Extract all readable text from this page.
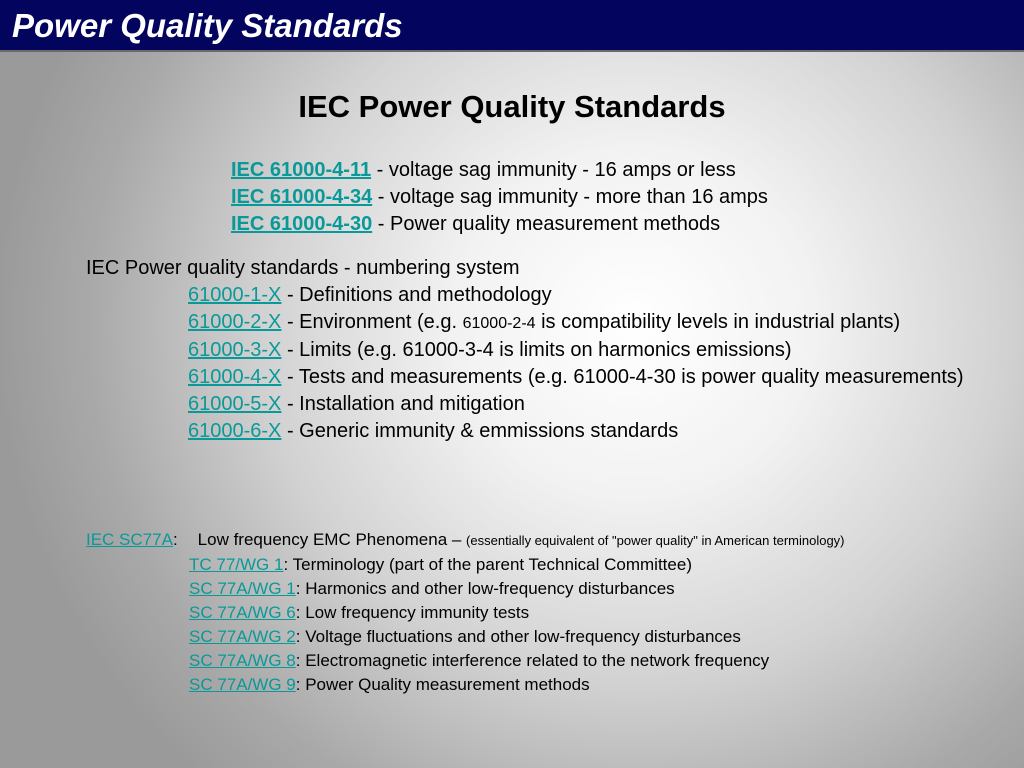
Power Quality Standards
IEC Power Quality Standards
IEC 61000-4-11 - voltage sag immunity - 16 amps or less
IEC 61000-4-34 - voltage sag immunity - more than 16 amps
IEC 61000-4-30 - Power quality measurement methods
IEC Power quality standards - numbering system
61000-1-X - Definitions and methodology
61000-2-X - Environment (e.g. 61000-2-4 is compatibility levels in industrial plants)
61000-3-X - Limits (e.g. 61000-3-4 is limits on harmonics emissions)
61000-4-X - Tests and measurements (e.g. 61000-4-30 is power quality measurements)
61000-5-X - Installation and mitigation
61000-6-X - Generic immunity & emmissions standards
IEC SC77A: Low frequency EMC Phenomena – (essentially equivalent of "power quality" in American terminology)
TC 77/WG 1: Terminology (part of the parent Technical Committee)
SC 77A/WG 1: Harmonics and other low-frequency disturbances
SC 77A/WG 6: Low frequency immunity tests
SC 77A/WG 2: Voltage fluctuations and other low-frequency disturbances
SC 77A/WG 8: Electromagnetic interference related to the network frequency
SC 77A/WG 9: Power Quality measurement methods
